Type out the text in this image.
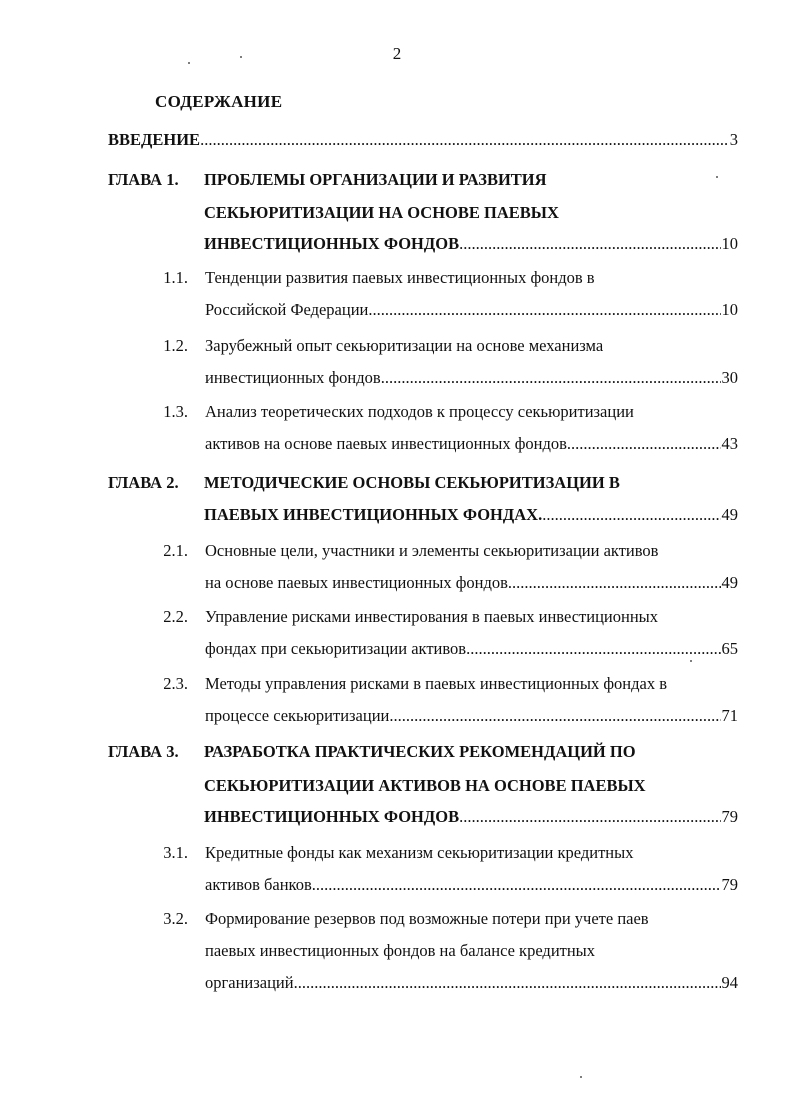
2
СОДЕРЖАНИЕ
ВВЕДЕНИЕ .....	3
ГЛАВА 1. ПРОБЛЕМЫ ОРГАНИЗАЦИИ И РАЗВИТИЯ
СЕКЬЮРИТИЗАЦИИ НА ОСНОВЕ ПАЕВЫХ
ИНВЕСТИЦИОННЫХ ФОНДОВ .....	10
1.1. Тенденции развития паевых инвестиционных фондов в
Российской Федерации. .....	10
1.2. Зарубежный опыт секьюритизации на основе механизма
инвестиционных фондов .....	30
1.3. Анализ теоретических подходов к процессу секьюритизации
активов на основе паевых инвестиционных фондов. .....	43
ГЛАВА 2. МЕТОДИЧЕСКИЕ ОСНОВЫ СЕКЬЮРИТИЗАЦИИ В
ПАЕВЫХ ИНВЕСТИЦИОННЫХ ФОНДАХ. .....	49
2.1. Основные цели, участники и элементы секьюритизации активов
на основе паевых инвестиционных фондов .....	49
2.2. Управление рисками инвестирования в паевых инвестиционных
фондах при секьюритизации активов .....	65
2.3. Методы управления рисками в паевых инвестиционных фондах в
процессе секьюритизации .....	71
ГЛАВА 3. РАЗРАБОТКА ПРАКТИЧЕСКИХ РЕКОМЕНДАЦИЙ ПО
СЕКЬЮРИТИЗАЦИИ АКТИВОВ НА ОСНОВЕ ПАЕВЫХ
ИНВЕСТИЦИОННЫХ ФОНДОВ .....	79
3.1. Кредитные фонды как механизм секьюритизации кредитных
активов банков. .....	79
3.2. Формирование резервов под возможные потери при учете паев
паевых инвестиционных фондов на балансе кредитных
организаций. .....	94
